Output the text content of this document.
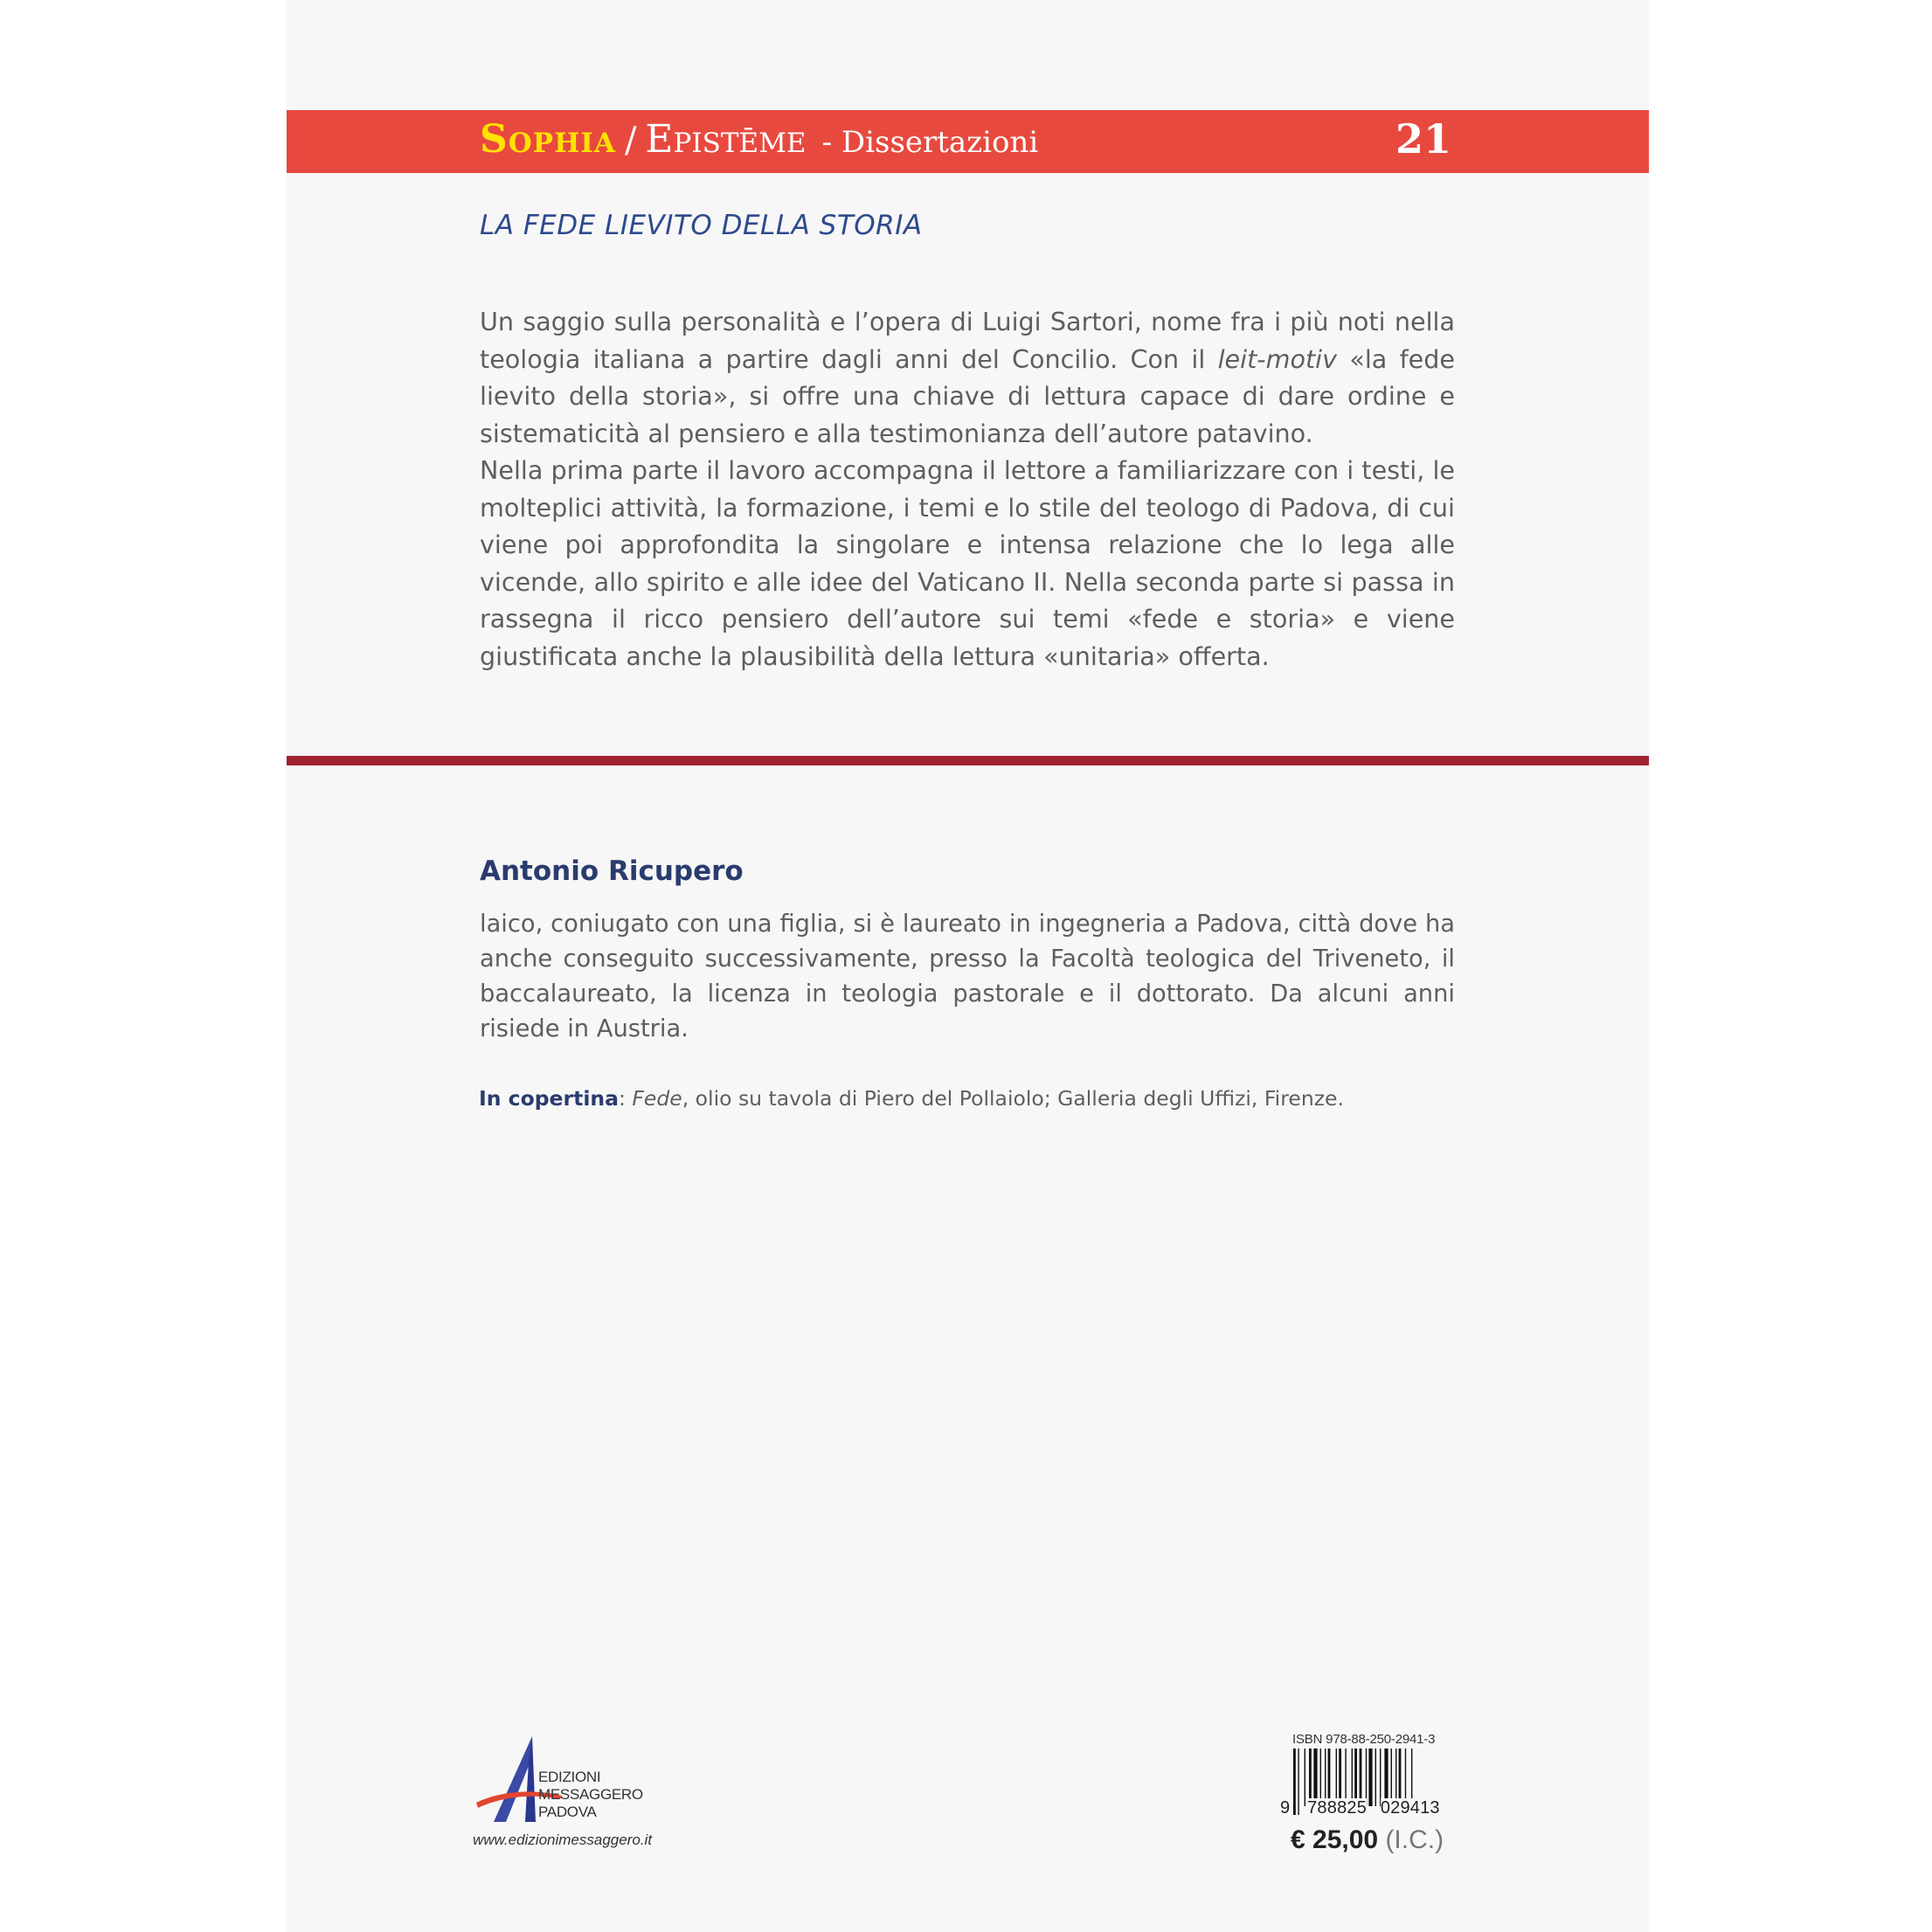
Sophia / Epistēme - Dissertazioni	21
LA FEDE LIEVITO DELLA STORIA

Un saggio sulla personalità e l’opera di Luigi Sartori, nome fra i più noti nella teologia italiana a partire dagli anni del Concilio. Con il leit-motiv «la fede lievito della storia», si offre una chiave di lettura capace di dare ordine e sistematicità al pensiero e alla testimonianza dell’autore patavino.

Nella prima parte il lavoro accompagna il lettore a familiarizzare con i testi, le molteplici attività, la formazione, i temi e lo stile del teologo di Padova, di cui viene poi approfondita la singolare e intensa relazione che lo lega alle vicende, allo spirito e alle idee del Vaticano II. Nella seconda parte si passa in rassegna il ricco pensiero dell’autore sui temi «fede e storia» e viene giustificata anche la plausibilità della lettura «unitaria» offerta.

Antonio Ricupero

laico, coniugato con una figlia, si è laureato in ingegneria a Padova, città dove ha anche conseguito successivamente, presso la Facoltà teologica del Triveneto, il baccalaureato, la licenza in teologia pastorale e il dottorato. Da alcuni anni risiede in Austria.

In copertina: Fede, olio su tavola di Piero del Pollaiolo; Galleria degli Uffizi, Firenze.
EDIZIONI
MESSAGGERO
PADOVA
www.edizionimessaggero.it
ISBN 978-88-250-2941-3
9 788825 029413
€ 25,00 (I.C.)
